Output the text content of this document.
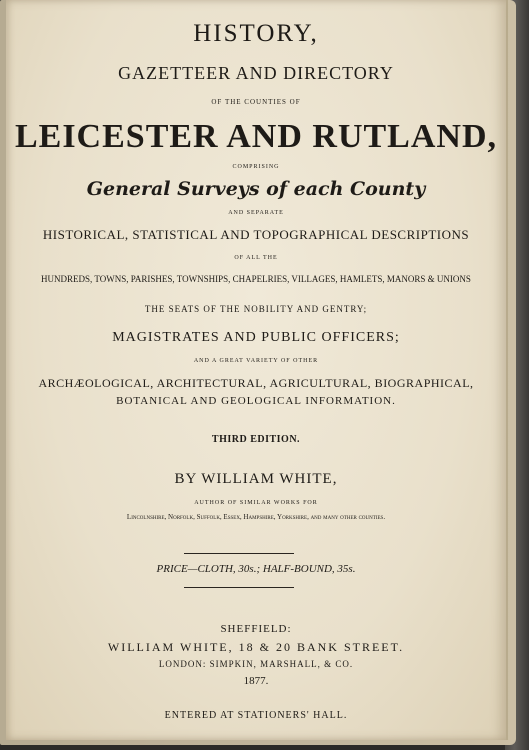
HISTORY,
GAZETTEER AND DIRECTORY
OF THE COUNTIES OF
LEICESTER AND RUTLAND,
COMPRISING
General Surveys of each County
AND SEPARATE
HISTORICAL, STATISTICAL AND TOPOGRAPHICAL DESCRIPTIONS
OF ALL THE
HUNDREDS, TOWNS, PARISHES, TOWNSHIPS, CHAPELRIES, VILLAGES, HAMLETS, MANORS & UNIONS
THE SEATS OF THE NOBILITY AND GENTRY;
MAGISTRATES AND PUBLIC OFFICERS;
AND A GREAT VARIETY OF OTHER
ARCHÆOLOGICAL, ARCHITECTURAL, AGRICULTURAL, BIOGRAPHICAL,
BOTANICAL AND GEOLOGICAL INFORMATION.
THIRD EDITION.
BY WILLIAM WHITE,
AUTHOR OF SIMILAR WORKS FOR
Lincolnshire, Norfolk, Suffolk, Essex, Hampshire, Yorkshire, and many other counties.
PRICE—CLOTH, 30s.; HALF-BOUND, 35s.
SHEFFIELD:
WILLIAM WHITE, 18 & 20 BANK STREET.
LONDON: SIMPKIN, MARSHALL, & CO.
1877.
ENTERED AT STATIONERS' HALL.
